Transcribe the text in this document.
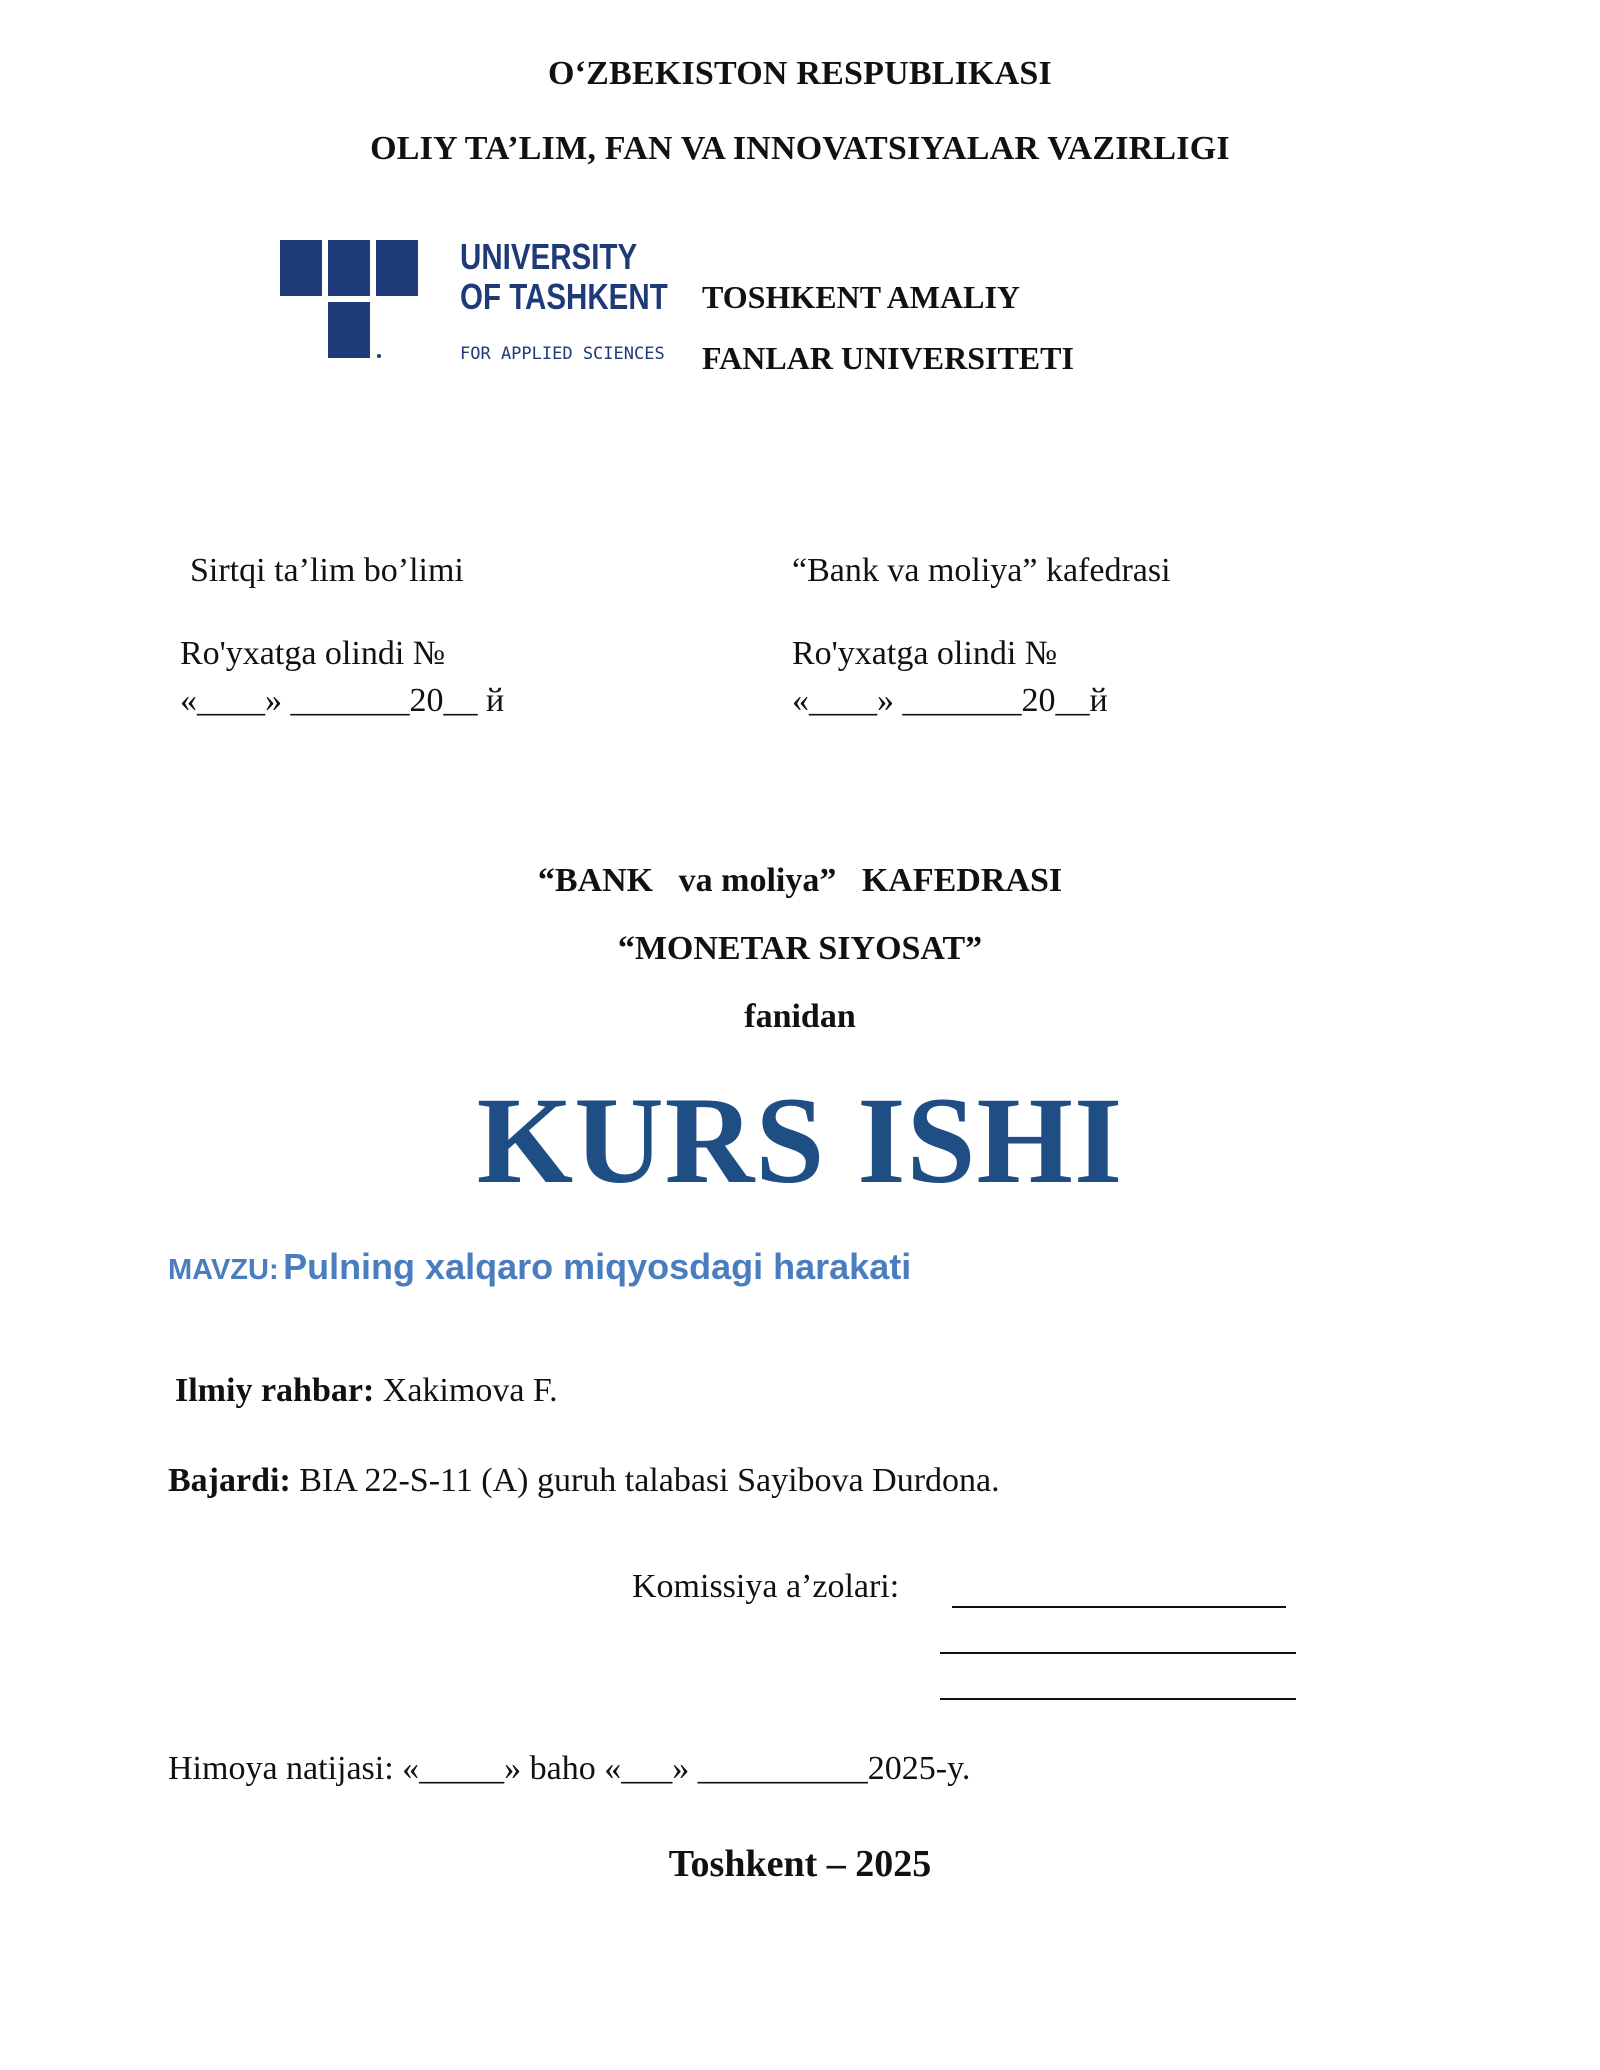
O‘ZBEKISTON RESPUBLIKASI
OLIY TA’LIM, FAN VA INNOVATSIYALAR VAZIRLIGI
UNIVERSITY
OF TASHKENT
FOR APPLIED SCIENCES
TOSHKENT AMALIY
FANLAR UNIVERSITETI
Sirtqi ta’lim bo’limi
Ro'yxatga olindi №
«____» _______20__ й
“Bank va moliya” kafedrasi
Ro'yxatga olindi №
«____» _______20__й
“BANK   va moliya”   KAFEDRASI
“MONETAR SIYOSAT”
fanidan
KURS ISHI
MAVZU: Pulning xalqaro miqyosdagi harakati
Ilmiy rahbar: Xakimova F.
Bajardi: BIA 22-S-11 (A) guruh talabasi Sayibova Durdona.
Komissiya a’zolari:
Himoya natijasi: «_____» baho «___» __________2025-y.
Toshkent – 2025
